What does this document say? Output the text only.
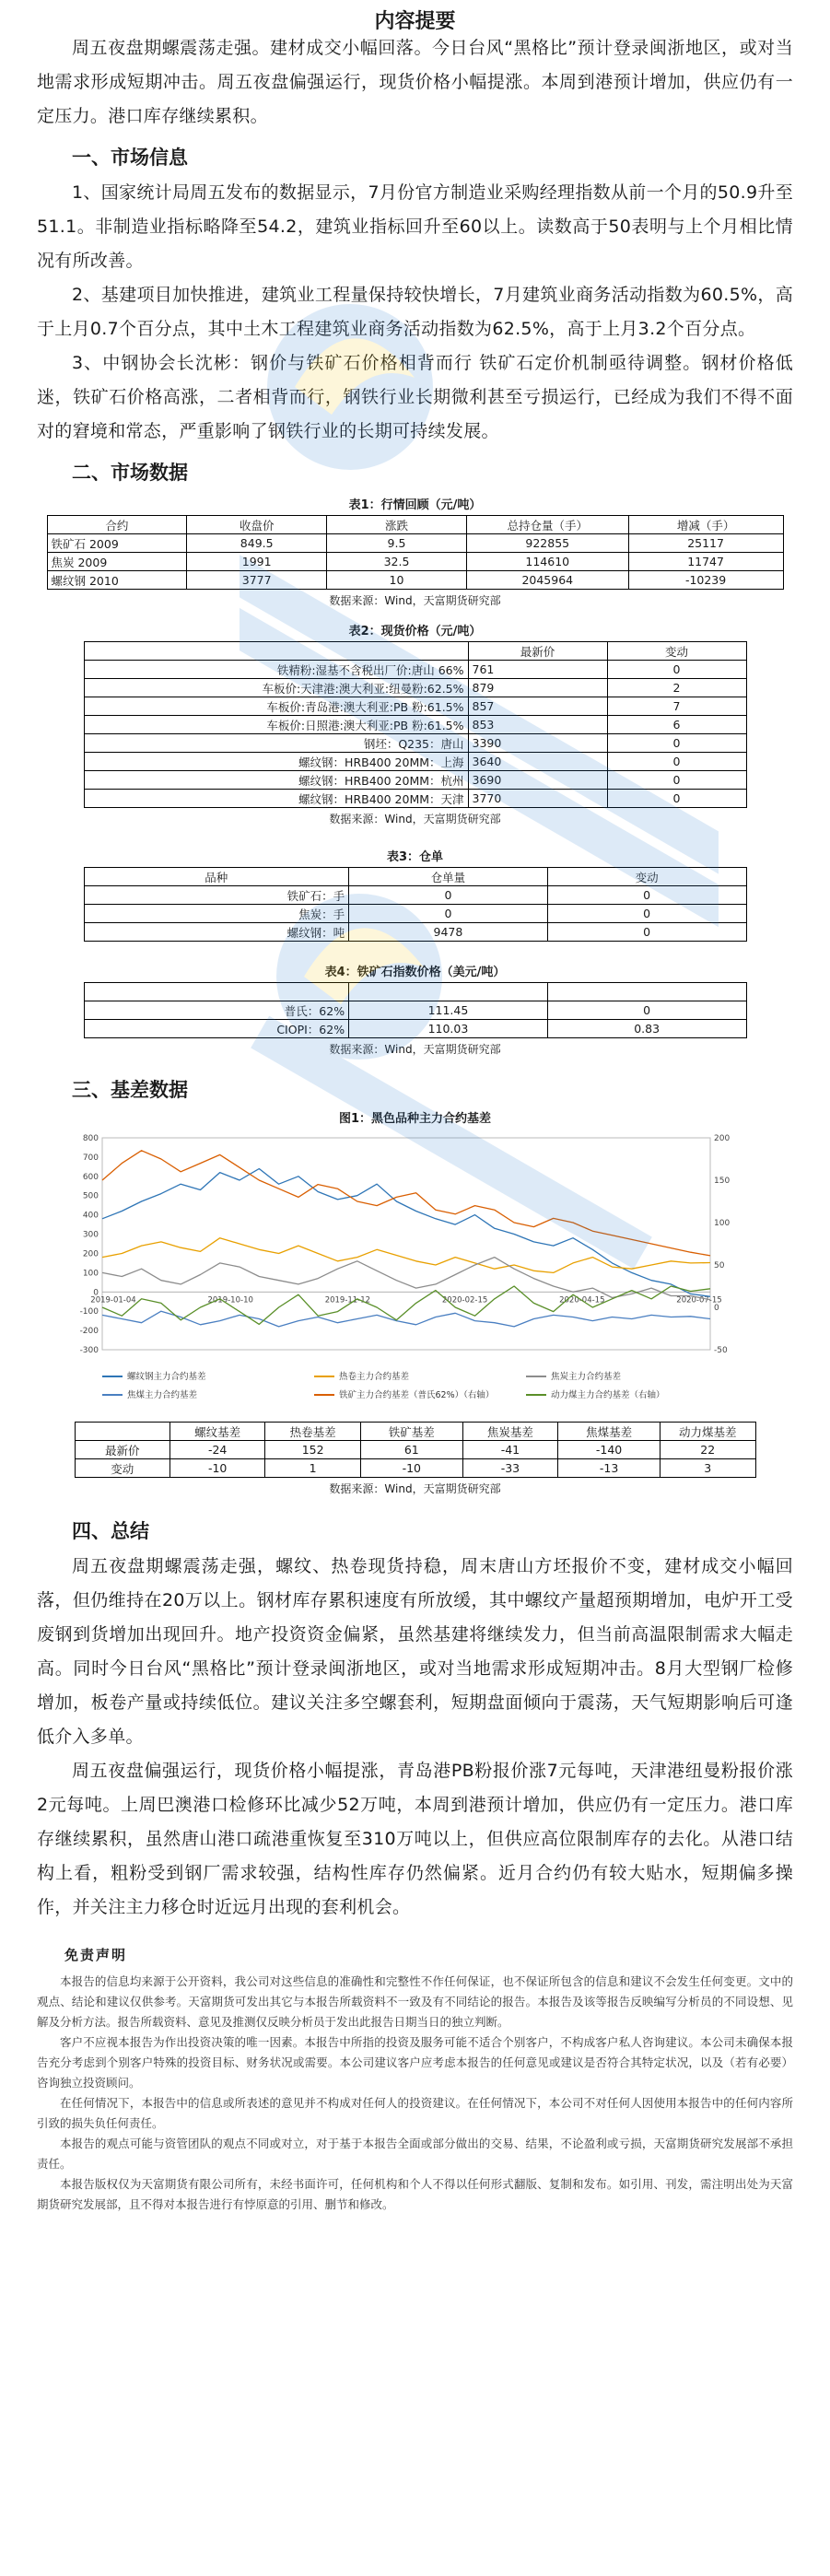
内容提要

周五夜盘期螺震荡走强。建材成交小幅回落。今日台风“黑格比”预计登录闽浙地区，或对当地需求形成短期冲击。周五夜盘偏强运行，现货价格小幅提涨。本周到港预计增加，供应仍有一定压力。港口库存继续累积。

一、市场信息

1、国家统计局周五发布的数据显示，7月份官方制造业采购经理指数从前一个月的50.9升至51.1。非制造业指标略降至54.2，建筑业指标回升至60以上。读数高于50表明与上个月相比情况有所改善。

2、基建项目加快推进，建筑业工程量保持较快增长，7月建筑业商务活动指数为60.5%，高于上月0.7个百分点，其中土木工程建筑业商务活动指数为62.5%，高于上月3.2个百分点。

3、中钢协会长沈彬：钢价与铁矿石价格相背而行 铁矿石定价机制亟待调整。钢材价格低迷，铁矿石价格高涨，二者相背而行，钢铁行业长期微利甚至亏损运行，已经成为我们不得不面对的窘境和常态，严重影响了钢铁行业的长期可持续发展。

二、市场数据
表1：行情回顾（元/吨）
合约	收盘价	涨跌	总持仓量（手）	增减（手）
铁矿石 2009	849.5	9.5	922855	25117
焦炭 2009	1991	32.5	114610	11747
螺纹钢 2010	3777	10	2045964	-10239
数据来源：Wind，天富期货研究部
表2：现货价格（元/吨）
	最新价	变动
铁精粉:湿基不含税出厂价:唐山 66%	761	0
车板价:天津港:澳大利亚:纽曼粉:62.5%	879	2
车板价:青岛港:澳大利亚:PB 粉:61.5%	857	7
车板价:日照港:澳大利亚:PB 粉:61.5%	853	6
钢坯：Q235：唐山	3390	0
螺纹钢：HRB400 20MM：上海	3640	0
螺纹钢：HRB400 20MM：杭州	3690	0
螺纹钢：HRB400 20MM：天津	3770	0
数据来源：Wind，天富期货研究部
表3：仓单
品种	仓单量	变动
铁矿石：手	0	0
焦炭：手	0	0
螺纹钢：吨	9478	0
表4：铁矿石指数价格（美元/吨）

普氏：62%	111.45	0
CIOPI：62%	110.03	0.83
数据来源：Wind，天富期货研究部
三、基差数据
图1：黑色品种主力合约基差
-300
-200
-100
0
100
200
300
400
500
600
700
800
-50
0
50
100
150
200
2019-01-04	2019-10-10	2019-11-12	2020-02-15	2020-04-15	2020-07-15
螺纹钢主力合约基差	热卷主力合约基差	焦炭主力合约基差
焦煤主力合约基差	铁矿主力合约基差（普氏62%）（右轴）	动力煤主力合约基差（右轴）
	螺纹基差	热卷基差	铁矿基差	焦炭基差	焦煤基差	动力煤基差
最新价	-24	152	61	-41	-140	22
变动	-10	1	-10	-33	-13	3
数据来源：Wind，天富期货研究部
四、总结

周五夜盘期螺震荡走强，螺纹、热卷现货持稳，周末唐山方坯报价不变，建材成交小幅回落，但仍维持在20万以上。钢材库存累积速度有所放缓，其中螺纹产量超预期增加，电炉开工受废钢到货增加出现回升。地产投资资金偏紧，虽然基建将继续发力，但当前高温限制需求大幅走高。同时今日台风“黑格比”预计登录闽浙地区，或对当地需求形成短期冲击。8月大型钢厂检修增加，板卷产量或持续低位。建议关注多空螺套利，短期盘面倾向于震荡，天气短期影响后可逢低介入多单。

周五夜盘偏强运行，现货价格小幅提涨，青岛港PB粉报价涨7元每吨，天津港纽曼粉报价涨2元每吨。上周巴澳港口检修环比减少52万吨，本周到港预计增加，供应仍有一定压力。港口库存继续累积，虽然唐山港口疏港重恢复至310万吨以上，但供应高位限制库存的去化。从港口结构上看，粗粉受到钢厂需求较强，结构性库存仍然偏紧。近月合约仍有较大贴水，短期偏多操作，并关注主力移仓时近远月出现的套利机会。

免责声明

本报告的信息均来源于公开资料，我公司对这些信息的准确性和完整性不作任何保证，也不保证所包含的信息和建议不会发生任何变更。文中的观点、结论和建议仅供参考。天富期货可发出其它与本报告所载资料不一致及有不同结论的报告。本报告及该等报告反映编写分析员的不同设想、见解及分析方法。报告所载资料、意见及推测仅反映分析员于发出此报告日期当日的独立判断。

客户不应视本报告为作出投资决策的唯一因素。本报告中所指的投资及服务可能不适合个别客户，不构成客户私人咨询建议。本公司未确保本报告充分考虑到个别客户特殊的投资目标、财务状况或需要。本公司建议客户应考虑本报告的任何意见或建议是否符合其特定状况，以及（若有必要）咨询独立投资顾问。

在任何情况下，本报告中的信息或所表述的意见并不构成对任何人的投资建议。在任何情况下，本公司不对任何人因使用本报告中的任何内容所引致的损失负任何责任。

本报告的观点可能与资管团队的观点不同或对立，对于基于本报告全面或部分做出的交易、结果，不论盈利或亏损，天富期货研究发展部不承担责任。

本报告版权仅为天富期货有限公司所有，未经书面许可，任何机构和个人不得以任何形式翻版、复制和发布。如引用、刊发，需注明出处为天富期货研究发展部，且不得对本报告进行有悖原意的引用、删节和修改。
